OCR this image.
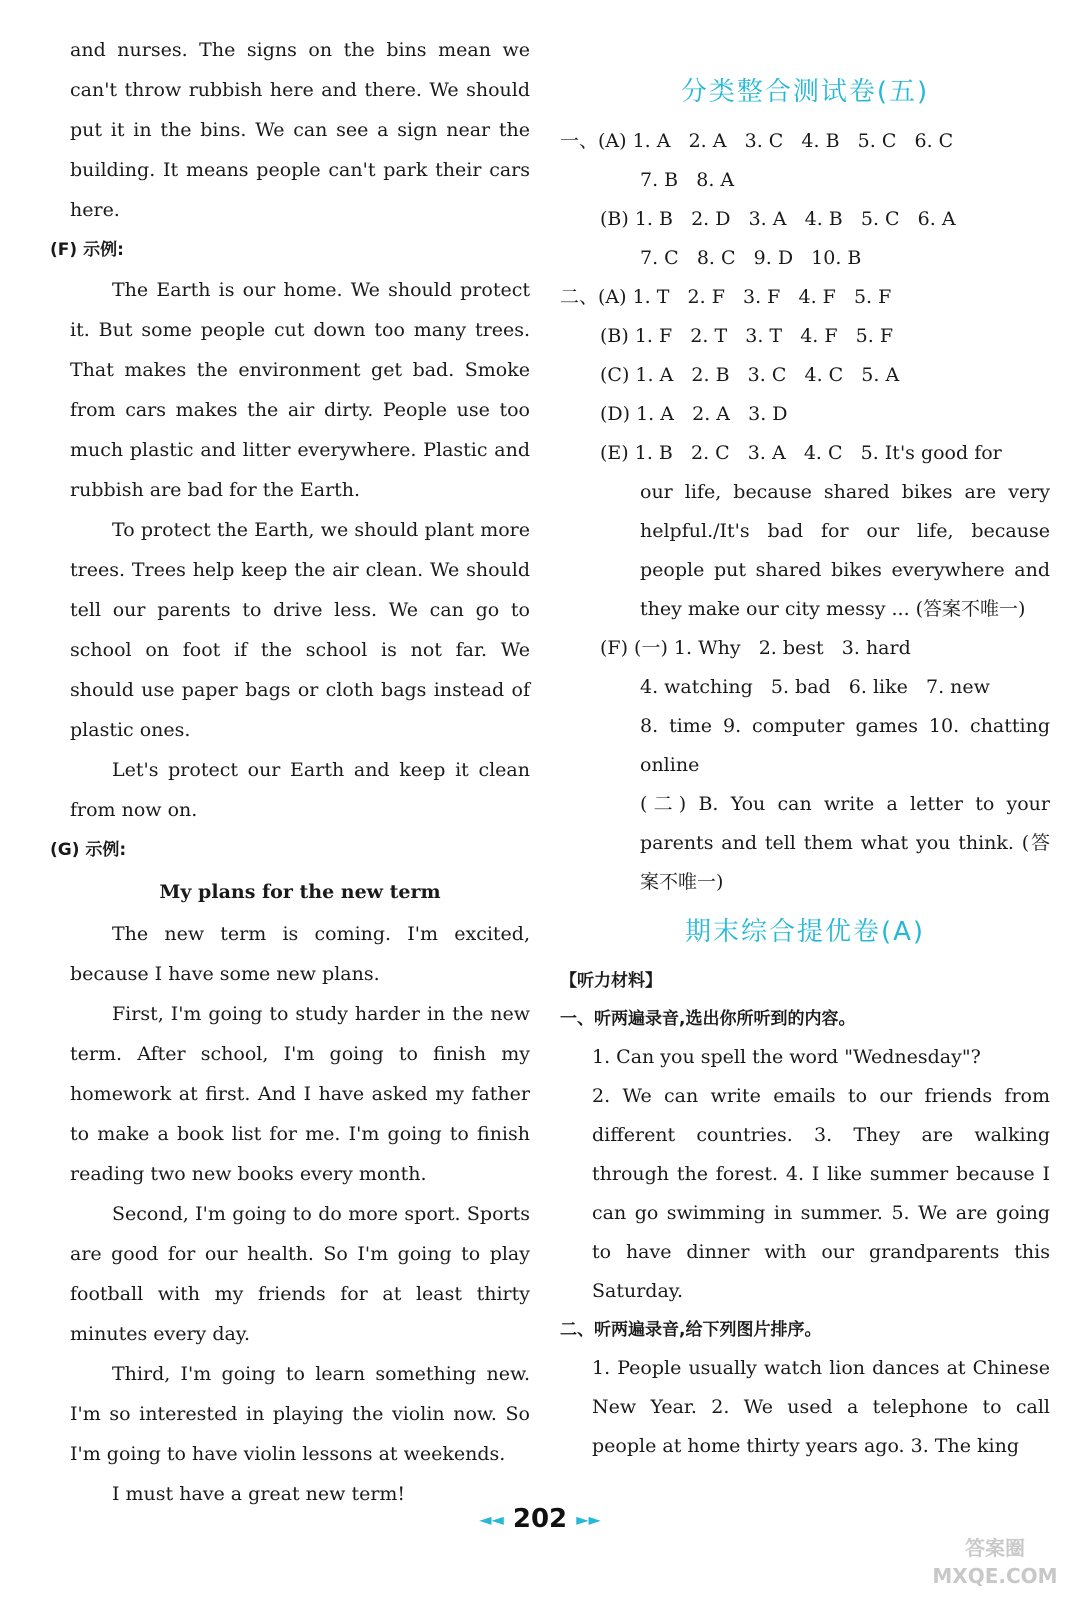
and nurses. The signs on the bins mean we can't throw rubbish here and there. We should put it in the bins. We can see a sign near the building. It means people can't park their cars here.

(F) 示例:

The Earth is our home. We should protect it. But some people cut down too many trees. That makes the environment get bad. Smoke from cars makes the air dirty. People use too much plastic and litter everywhere. Plastic and rubbish are bad for the Earth.

To protect the Earth, we should plant more trees. Trees help keep the air clean. We should tell our parents to drive less. We can go to school on foot if the school is not far. We should use paper bags or cloth bags instead of plastic ones.

Let's protect our Earth and keep it clean from now on.

(G) 示例:
My plans for the new term

The new term is coming. I'm excited, because I have some new plans.

First, I'm going to study harder in the new term. After school, I'm going to finish my homework at first. And I have asked my father to make a book list for me. I'm going to finish reading two new books every month.

Second, I'm going to do more sport. Sports are good for our health. So I'm going to play football with my friends for at least thirty minutes every day.

Third, I'm going to learn something new. I'm so interested in playing the violin now. So I'm going to have violin lessons at weekends.

I must have a great new term!

分类整合测试卷(五)
一、(A) 1. A   2. A   3. C   4. B   5. C   6. C
7. B   8. A
(B) 1. B   2. D   3. A   4. B   5. C   6. A
7. C   8. C   9. D   10. B
二、(A) 1. T   2. F   3. F   4. F   5. F
(B) 1. F   2. T   3. T   4. F   5. F
(C) 1. A   2. B   3. C   4. C   5. A
(D) 1. A   2. A   3. D
(E) 1. B   2. C   3. A   4. C   5. It's good for
our life, because shared bikes are very helpful./It's bad for our life, because people put shared bikes everywhere and they make our city messy ... (答案不唯一)
(F) (一) 1. Why   2. best   3. hard
4. watching   5. bad   6. like   7. new
8. time 9. computer games 10. chatting online
(二) B. You can write a letter to your parents and tell them what you think. (答案不唯一)
期末综合提优卷(A)
【听力材料】
一、听两遍录音,选出你所听到的内容。
1. Can you spell the word "Wednesday"?
2. We can write emails to our friends from different countries. 3. They are walking through the forest. 4. I like summer because I can go swimming in summer. 5. We are going to have dinner with our grandparents this Saturday.
二、听两遍录音,给下列图片排序。
1. People usually watch lion dances at Chinese New Year. 2. We used a telephone to call people at home thirty years ago. 3. The king
◄◄ 202 ►►
答案圈
MXQE.COM
